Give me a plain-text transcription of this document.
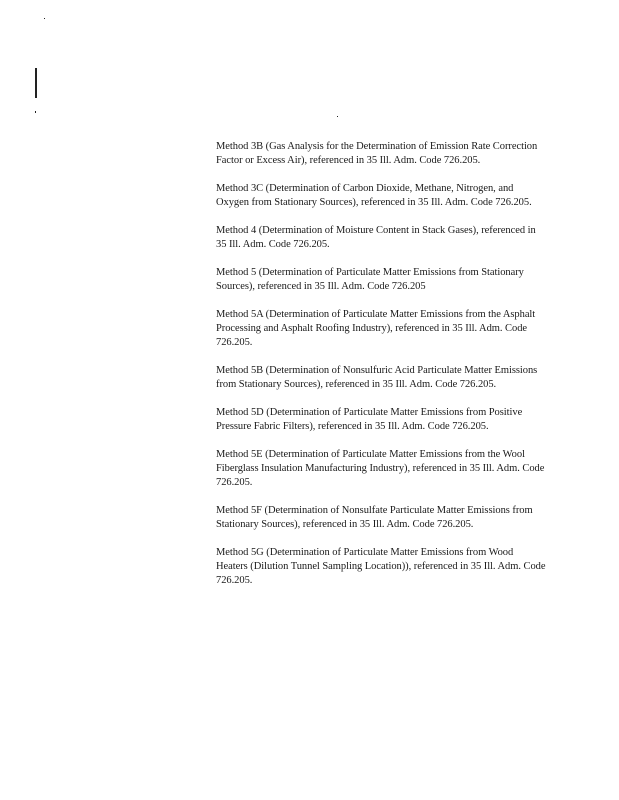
Method 3B (Gas Analysis for the Determination of Emission Rate Correction Factor or Excess Air), referenced in 35 Ill. Adm. Code 726.205.
Method 3C (Determination of Carbon Dioxide, Methane, Nitrogen, and Oxygen from Stationary Sources), referenced in 35 Ill. Adm. Code 726.205.
Method 4 (Determination of Moisture Content in Stack Gases), referenced in 35 Ill. Adm. Code 726.205.
Method 5 (Determination of Particulate Matter Emissions from Stationary Sources), referenced in 35 Ill. Adm. Code 726.205
Method 5A (Determination of Particulate Matter Emissions from the Asphalt Processing and Asphalt Roofing Industry), referenced in 35 Ill. Adm. Code 726.205.
Method 5B (Determination of Nonsulfuric Acid Particulate Matter Emissions from Stationary Sources), referenced in 35 Ill. Adm. Code 726.205.
Method 5D (Determination of Particulate Matter Emissions from Positive Pressure Fabric Filters), referenced in 35 Ill. Adm. Code 726.205.
Method 5E (Determination of Particulate Matter Emissions from the Wool Fiberglass Insulation Manufacturing Industry), referenced in 35 Ill. Adm. Code 726.205.
Method 5F (Determination of Nonsulfate Particulate Matter Emissions from Stationary Sources), referenced in 35 Ill. Adm. Code 726.205.
Method 5G (Determination of Particulate Matter Emissions from Wood Heaters (Dilution Tunnel Sampling Location)), referenced in 35 Ill. Adm. Code 726.205.
